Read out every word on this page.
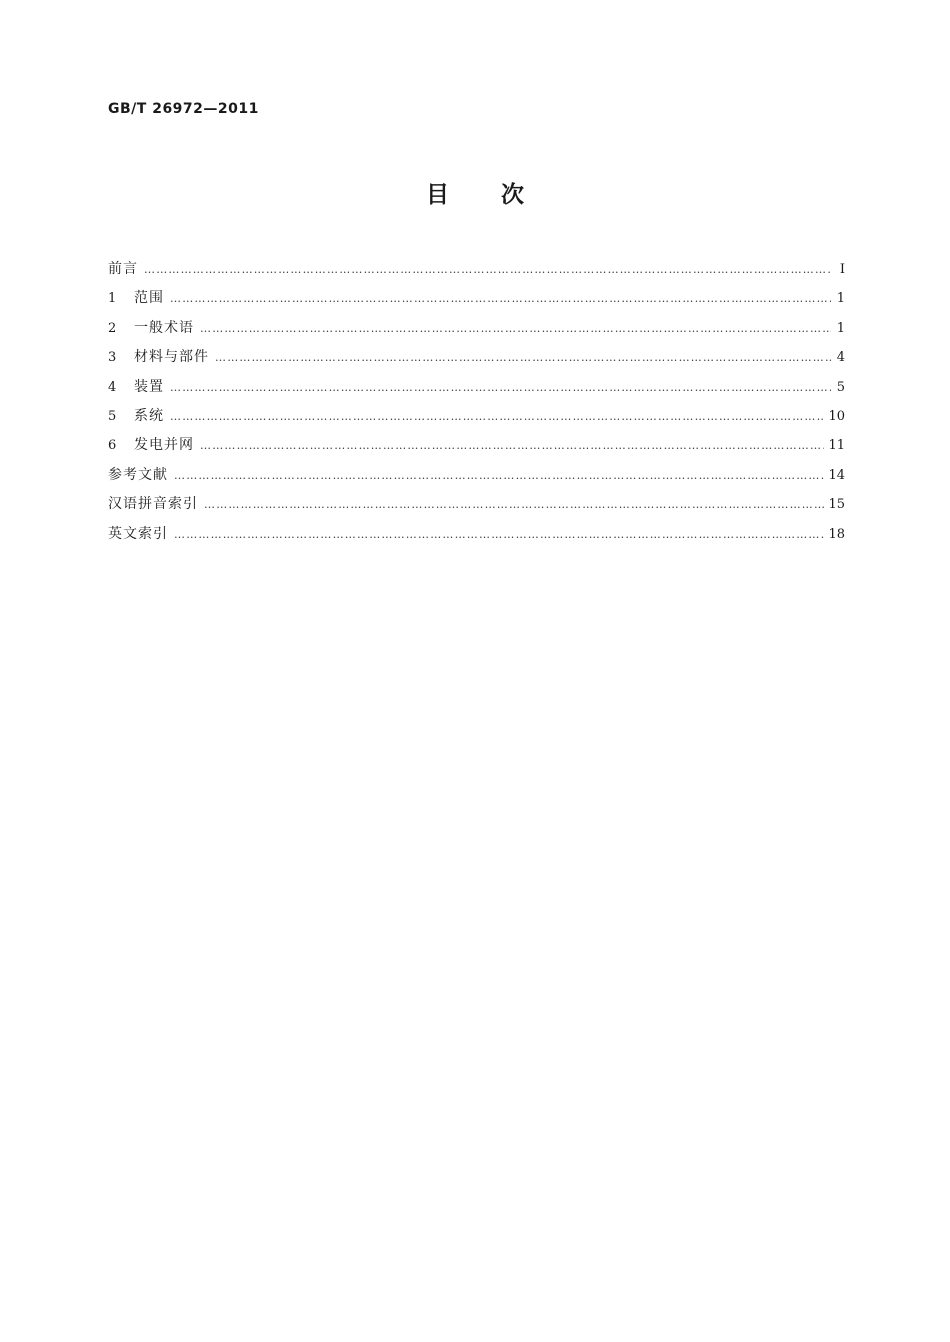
GB/T 26972—2011
目 次
前言 …………………………………………………………………………………………………………………………………………………………………………………………………………………………………………………………	Ⅰ
1	范围 …………………………………………………………………………………………………………………………………………………………………………………………………………………………………………………………	1
2	一般术语 …………………………………………………………………………………………………………………………………………………………………………………………………………………………………………………………	1
3	材料与部件 …………………………………………………………………………………………………………………………………………………………………………………………………………………………………………………………	4
4	装置 …………………………………………………………………………………………………………………………………………………………………………………………………………………………………………………………	5
5	系统 …………………………………………………………………………………………………………………………………………………………………………………………………………………………………………………………	10
6	发电并网 …………………………………………………………………………………………………………………………………………………………………………………………………………………………………………………………	11
参考文献 …………………………………………………………………………………………………………………………………………………………………………………………………………………………………………………………	14
汉语拼音索引 …………………………………………………………………………………………………………………………………………………………………………………………………………………………………………………………	15
英文索引 …………………………………………………………………………………………………………………………………………………………………………………………………………………………………………………………	18
